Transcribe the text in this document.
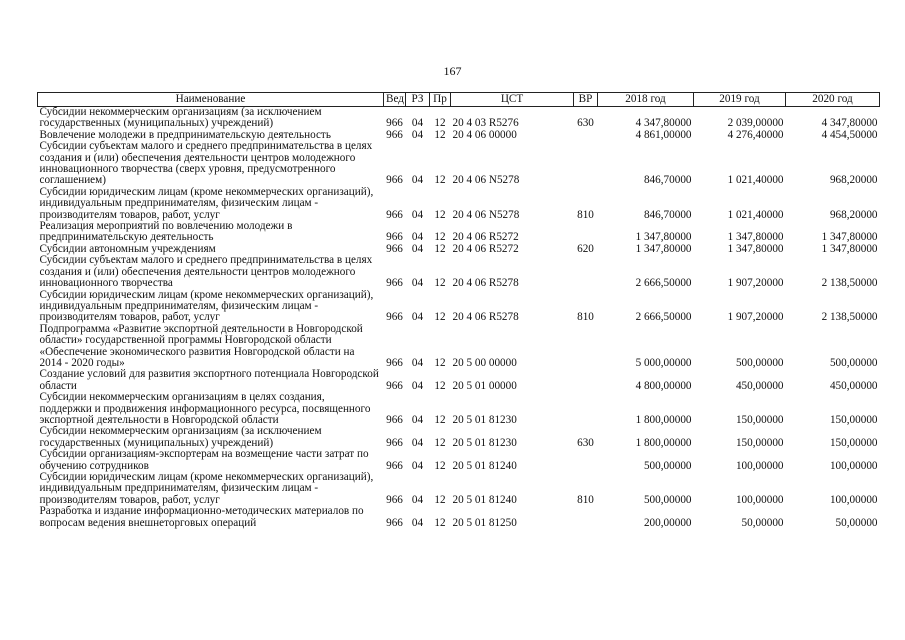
167
Наименование	Вед	РЗ	Пр	ЦСТ	ВР	2018 год	2019 год	2020 год
Субсидии некоммерческим организациям (за исключением государственных (муниципальных) учреждений)	966	04	12	20 4 03 R5276	630	4 347,80000	2 039,00000	4 347,80000
Вовлечение молодежи в предпринимательскую деятельность	966	04	12	20 4 06 00000		4 861,00000	4 276,40000	4 454,50000
Субсидии субъектам малого и среднего предпринимательства в целях создания и (или) обеспечения деятельности центров молодежного инновационного творчества (сверх уровня, предусмотренного соглашением)	966	04	12	20 4 06 N5278		846,70000	1 021,40000	968,20000
Субсидии юридическим лицам (кроме некоммерческих организаций), индивидуальным предпринимателям, физическим лицам - производителям товаров, работ, услуг	966	04	12	20 4 06 N5278	810	846,70000	1 021,40000	968,20000
Реализация мероприятий по вовлечению молодежи в предпринимательскую деятельность	966	04	12	20 4 06 R5272		1 347,80000	1 347,80000	1 347,80000
Субсидии автономным учреждениям	966	04	12	20 4 06 R5272	620	1 347,80000	1 347,80000	1 347,80000
Субсидии субъектам малого и среднего предпринимательства в целях создания и (или) обеспечения деятельности центров молодежного инновационного творчества	966	04	12	20 4 06 R5278		2 666,50000	1 907,20000	2 138,50000
Субсидии юридическим лицам (кроме некоммерческих организаций), индивидуальным предпринимателям, физическим лицам - производителям товаров, работ, услуг	966	04	12	20 4 06 R5278	810	2 666,50000	1 907,20000	2 138,50000
Подпрограмма «Развитие экспортной деятельности в Новгородской области» государственной программы Новгородской области «Обеспечение экономического развития Новгородской области на 2014 - 2020 годы»	966	04	12	20 5 00 00000		5 000,00000	500,00000	500,00000
Создание условий для развития экспортного потенциала Новгородской области	966	04	12	20 5 01 00000		4 800,00000	450,00000	450,00000
Субсидии некоммерческим организациям в целях создания, поддержки и продвижения информационного ресурса, посвященного экспортной деятельности в Новгородской области	966	04	12	20 5 01 81230		1 800,00000	150,00000	150,00000
Субсидии некоммерческим организациям (за исключением государственных (муниципальных) учреждений)	966	04	12	20 5 01 81230	630	1 800,00000	150,00000	150,00000
Субсидии организациям-экспортерам на возмещение части затрат по обучению сотрудников	966	04	12	20 5 01 81240		500,00000	100,00000	100,00000
Субсидии юридическим лицам (кроме некоммерческих организаций), индивидуальным предпринимателям, физическим лицам - производителям товаров, работ, услуг	966	04	12	20 5 01 81240	810	500,00000	100,00000	100,00000
Разработка и издание информационно-методических материалов по вопросам ведения внешнеторговых операций	966	04	12	20 5 01 81250		200,00000	50,00000	50,00000
